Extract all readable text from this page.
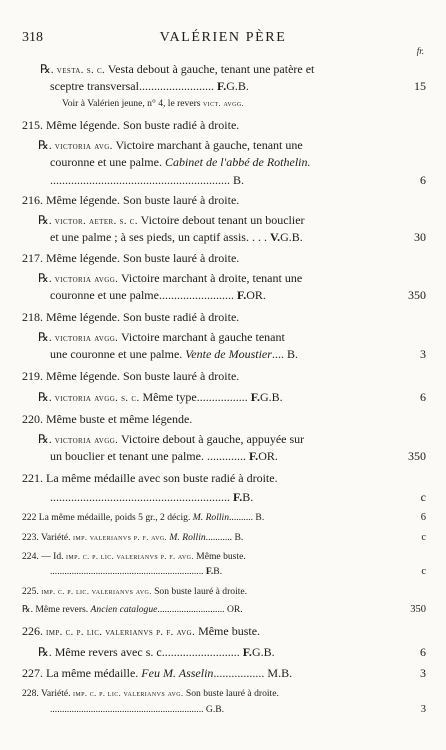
318	VALÉRIEN PÈRE
fr.
℞. vesta. s. c. Vesta debout à gauche, tenant une patère et
sceptre transversal......................... F.G.B.	15
Voir à Valérien jeune, n° 4, le revers vict. avgg.
215. Même légende. Son buste radié à droite.
℞. victoria avg. Victoire marchant à gauche, tenant une
couronne et une palme. Cabinet de l'abbé de Rothelin.
............................................................ B.	6
216. Même légende. Son buste lauré à droite.
℞. victor. aeter. s. c. Victoire debout tenant un bouclier
et une palme ; à ses pieds, un captif assis. . . . V.G.B.	30
217. Même légende. Son buste lauré à droite.
℞. victoria avgg. Victoire marchant à droite, tenant une
couronne et une palme......................... F.OR.	350
218. Même légende. Son buste radié à droite.
℞. victoria avgg. Victoire marchant à gauche tenant
une couronne et une palme. Vente de Moustier.... B.	3
219. Même légende. Son buste lauré à droite.
℞. victoria avgg. s. c. Même type................. F.G.B.	6
220. Même buste et même légende.
℞. victoria avgg. Victoire debout à gauche, appuyée sur
un bouclier et tenant une palme. ............. F.OR.	350
221. La même médaille avec son buste radié à droite.
............................................................ F.B.	c
222 La même médaille, poids 5 gr., 2 décig. M. Rollin.......... B.	6
223. Variété. imp. valerianvs p. f. avg. M. Rollin........... B.	c
224. — Id. imp. c. p. lic. valerianvs p. f. avg. Même buste.
................................................................ F.B.	c
225. imp. c. p. lic. valerianvs avg. Son buste lauré à droite.
℞. Même revers. Ancien catalogue............................ OR.	350
226. imp. c. p. lic. valerianvs p. f. avg. Même buste.
℞. Même revers avec s. c.......................... F.G.B.	6
227. La même médaille. Feu M. Asselin................. M.B.	3
228. Variété. imp. c. p. lic. valerianvs avg. Son buste lauré à droite.
................................................................ G.B.	3
